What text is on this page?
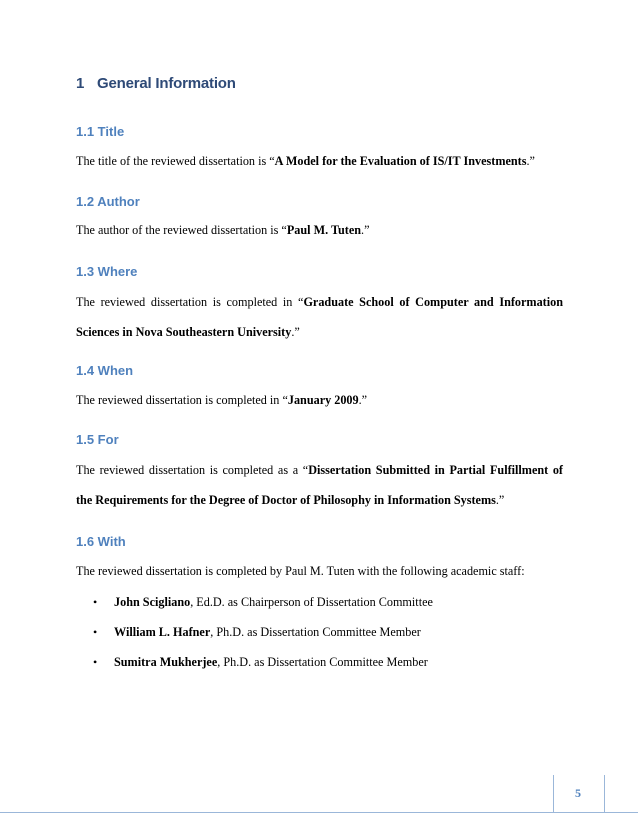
1 General Information
1.1 Title
The title of the reviewed dissertation is “A Model for the Evaluation of IS/IT Investments.”
1.2 Author
The author of the reviewed dissertation is “Paul M. Tuten.”
1.3 Where
The reviewed dissertation is completed in “Graduate School of Computer and Information
Sciences in Nova Southeastern University.”
1.4 When
The reviewed dissertation is completed in “January 2009.”
1.5 For
The reviewed dissertation is completed as a “Dissertation Submitted in Partial Fulfillment of
the Requirements for the Degree of Doctor of Philosophy in Information Systems.”
1.6 With
The reviewed dissertation is completed by Paul M. Tuten with the following academic staff:
• John Scigliano, Ed.D. as Chairperson of Dissertation Committee
• William L. Hafner, Ph.D. as Dissertation Committee Member
• Sumitra Mukherjee, Ph.D. as Dissertation Committee Member
5
